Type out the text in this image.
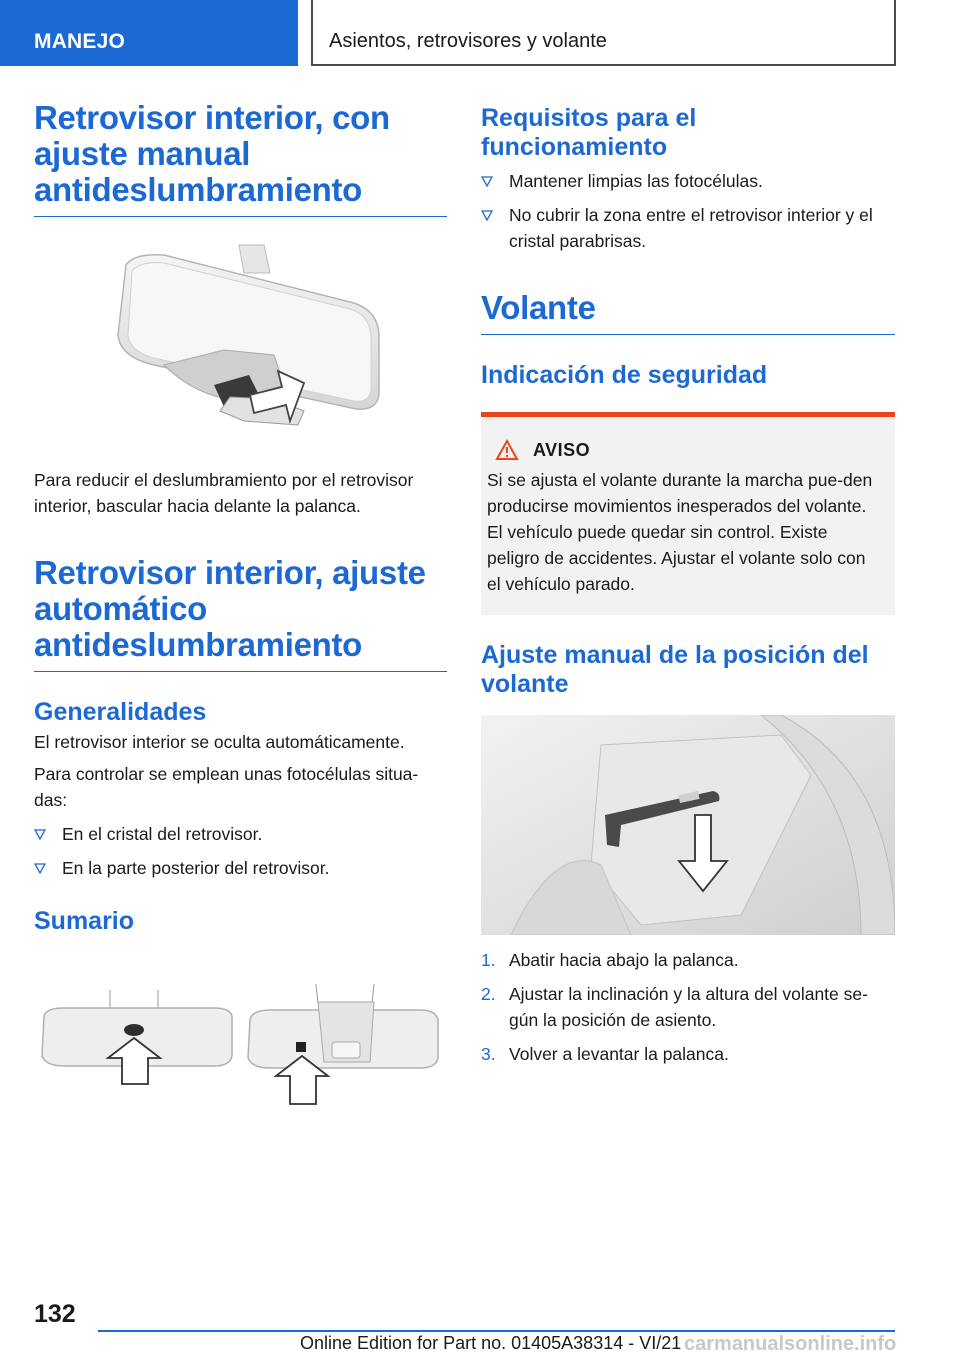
MANEJO	Asientos, retrovisores y volante
Retrovisor interior, con ajuste manual antideslumbramiento
Para reducir el deslumbramiento por el retrovisor interior, bascular hacia delante la palanca.
Retrovisor interior, ajuste automático antideslumbramiento
Generalidades
El retrovisor interior se oculta automáticamente.
Para controlar se emplean unas fotocélulas situa-das:
En el cristal del retrovisor.
En la parte posterior del retrovisor.
Sumario
Requisitos para el funcionamiento
Mantener limpias las fotocélulas.
No cubrir la zona entre el retrovisor interior y el cristal parabrisas.
Volante
Indicación de seguridad
AVISO
Si se ajusta el volante durante la marcha pue-den producirse movimientos inesperados del volante. El vehículo puede quedar sin control. Existe peligro de accidentes. Ajustar el volante solo con el vehículo parado.
Ajuste manual de la posición del volante
1. Abatir hacia abajo la palanca.
2. Ajustar la inclinación y la altura del volante se-gún la posición de asiento.
3. Volver a levantar la palanca.
132
Online Edition for Part no. 01405A38314 - VI/21 carmanualsonline.info
